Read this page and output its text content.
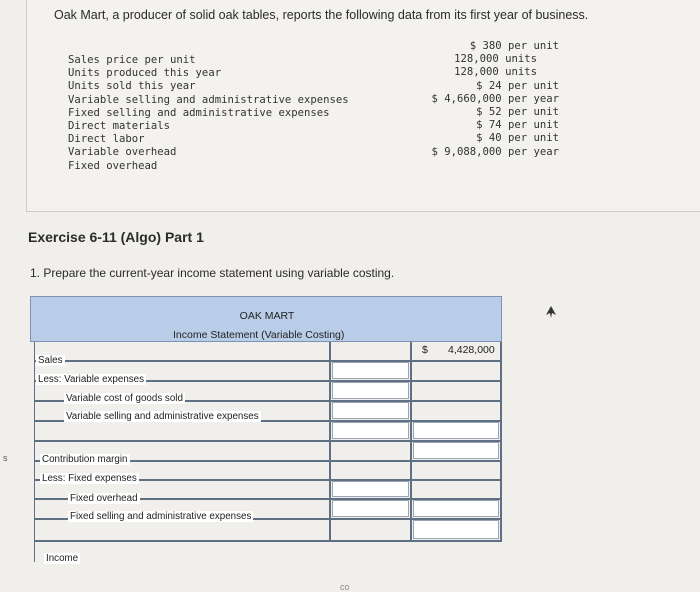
Oak Mart, a producer of solid oak tables, reports the following data from its first year of business.
Sales price per unit
Units produced this year
Units sold this year
Variable selling and administrative expenses
Fixed selling and administrative expenses
Direct materials
Direct labor
Variable overhead
Fixed overhead
$ 380 per unit
128,000 units
128,000 units
$ 24 per unit
$ 4,660,000 per year
$ 52 per unit
$ 74 per unit
$ 40 per unit
$ 9,088,000 per year
Exercise 6-11 (Algo) Part 1
1. Prepare the current-year income statement using variable costing.
s
co
OAK MART
Income Statement (Variable Costing)
$ 4,428,000
Sales
Less: Variable expenses
Variable cost of goods sold
Variable selling and administrative expenses
Contribution margin
Less: Fixed expenses
Fixed overhead
Fixed selling and administrative expenses
Income
